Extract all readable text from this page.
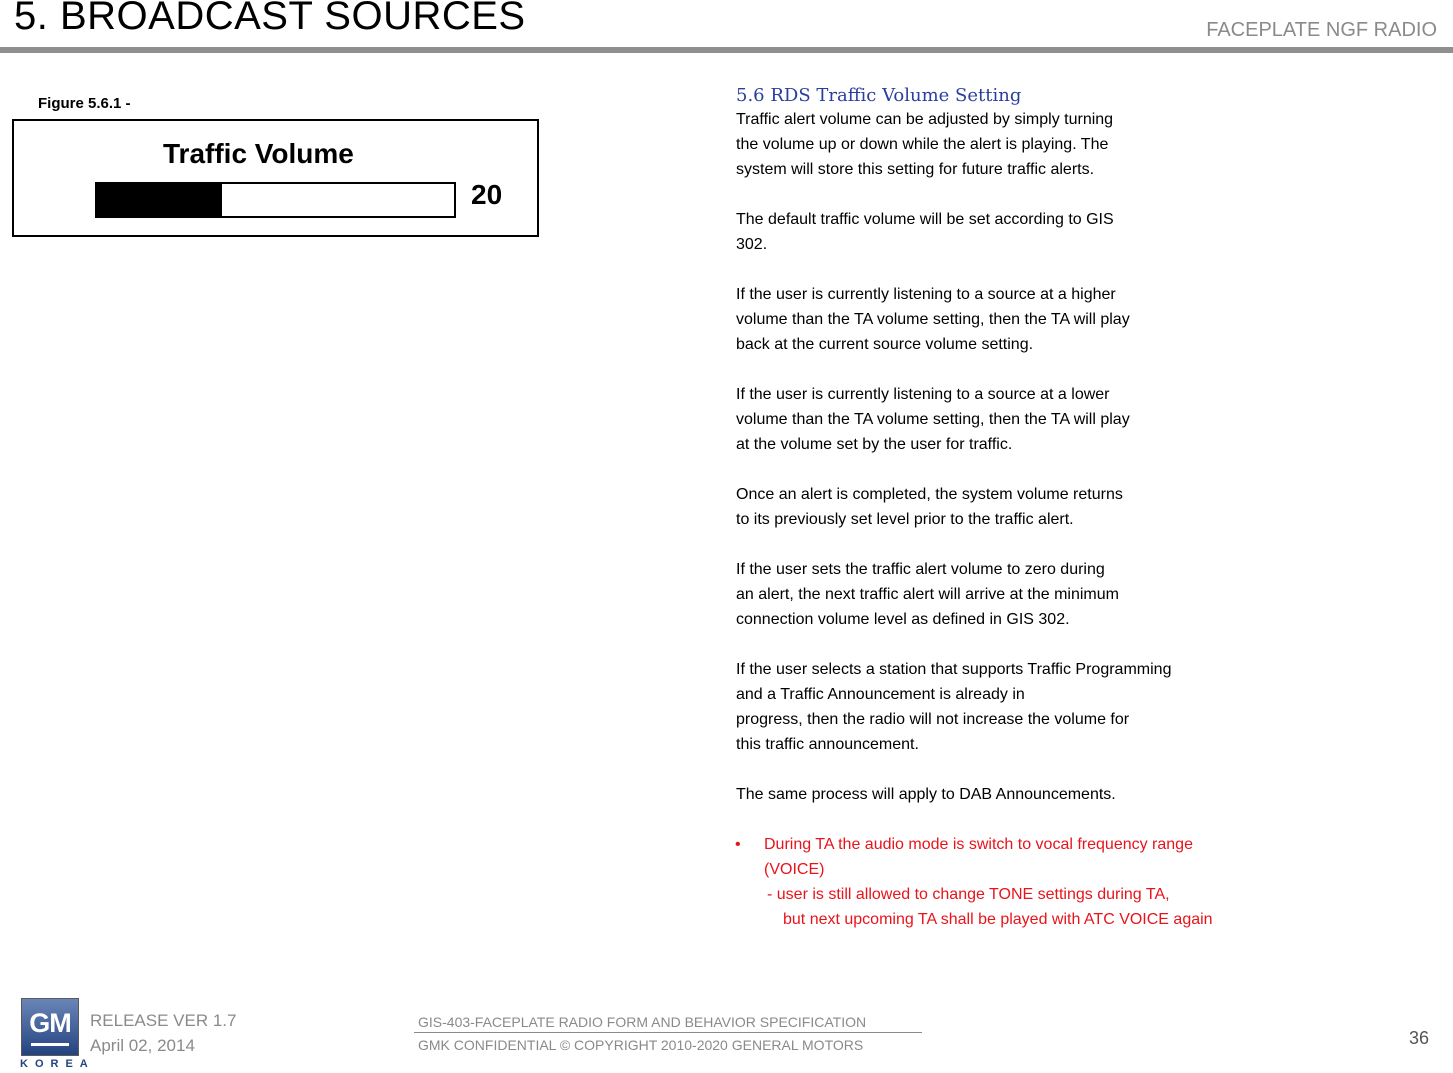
5. BROADCAST SOURCES	FACEPLATE NGF RADIO
Figure 5.6.1 -
Traffic Volume
20
5.6 RDS Traffic Volume Setting
Traffic alert volume can be adjusted by simply turning
the volume up or down while the alert is playing. The
system will store this setting for future traffic alerts.
The default traffic volume will be set according to GIS
302.
If the user is currently listening to a source at a higher
volume than the TA volume setting, then the TA will play
back at the current source volume setting.
If the user is currently listening to a source at a lower
volume than the TA volume setting, then the TA will play
at the volume set by the user for traffic.
Once an alert is completed, the system volume returns
to its previously set level prior to the traffic alert.
If the user sets the traffic alert volume to zero during
an alert, the next traffic alert will arrive at the minimum
connection volume level as defined in GIS 302.
If the user selects a station that supports Traffic Programming
and a Traffic Announcement is already in
progress, then the radio will not increase the volume for
this traffic announcement.
The same process will apply to DAB Announcements.
•	During TA the audio mode is switch to vocal frequency range
(VOICE)
- user is still allowed to change TONE settings during TA,
but next upcoming TA shall be played with ATC VOICE again
GM
KOREA
RELEASE VER 1.7
April 02, 2014
GIS-403-FACEPLATE RADIO FORM AND BEHAVIOR SPECIFICATION
GMK CONFIDENTIAL © COPYRIGHT 2010-2020 GENERAL MOTORS	36
